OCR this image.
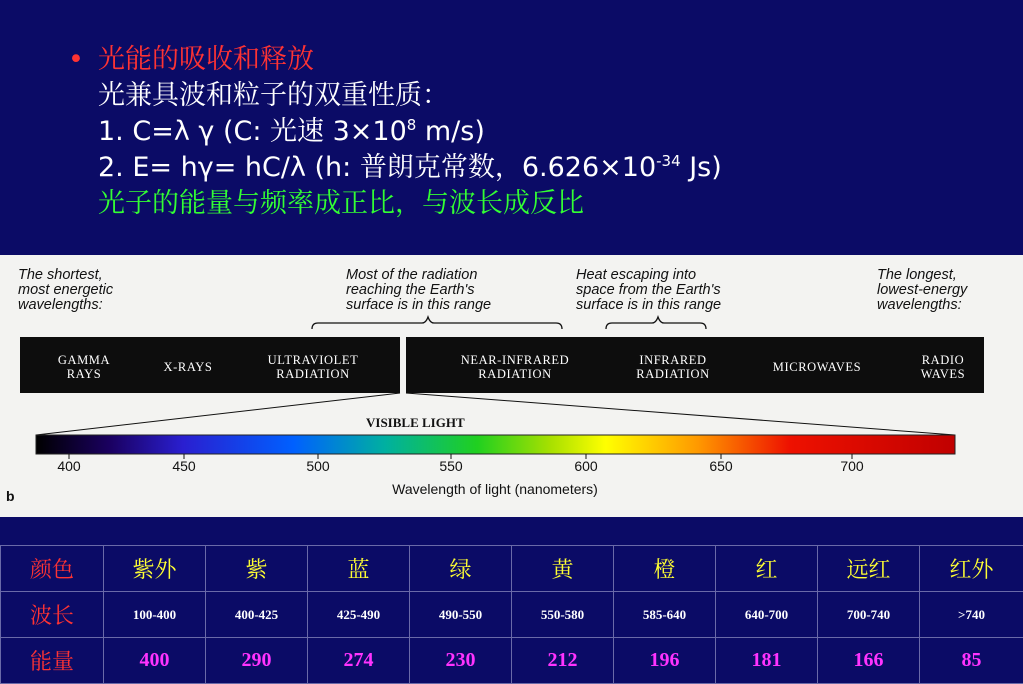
• 光能的吸收和释放
光兼具波和粒子的双重性质：
1. C=λ γ (C: 光速 $3\times 10^8$ m/s)
2. E= hγ= hC/λ (h: 普朗克常数，$6.626\times 10^{-34}$ Js)
光子的能量与频率成正比，与波长成反比
The shortest,
most energetic
wavelengths:
Most of the radiation
reaching the Earth's
surface is in this range
Heat escaping into
space from the Earth's
surface is in this range
The longest,
lowest-energy
wavelengths:
GAMMA
RAYS	X-RAYS	ULTRAVIOLET
RADIATION
NEAR-INFRARED
RADIATION
INFRARED
RADIATION	MICROWAVES	RADIO
WAVES
VISIBLE LIGHT
400	450	500	550	600	650	700
Wavelength of light (nanometers)
b
颜色	紫外	紫	蓝	绿	黄	橙	红	远红	红外
波长	100-400	400-425	425-490	490-550	550-580	585-640	640-700	700-740	>740
能量	400	290	274	230	212	196	181	166	85
